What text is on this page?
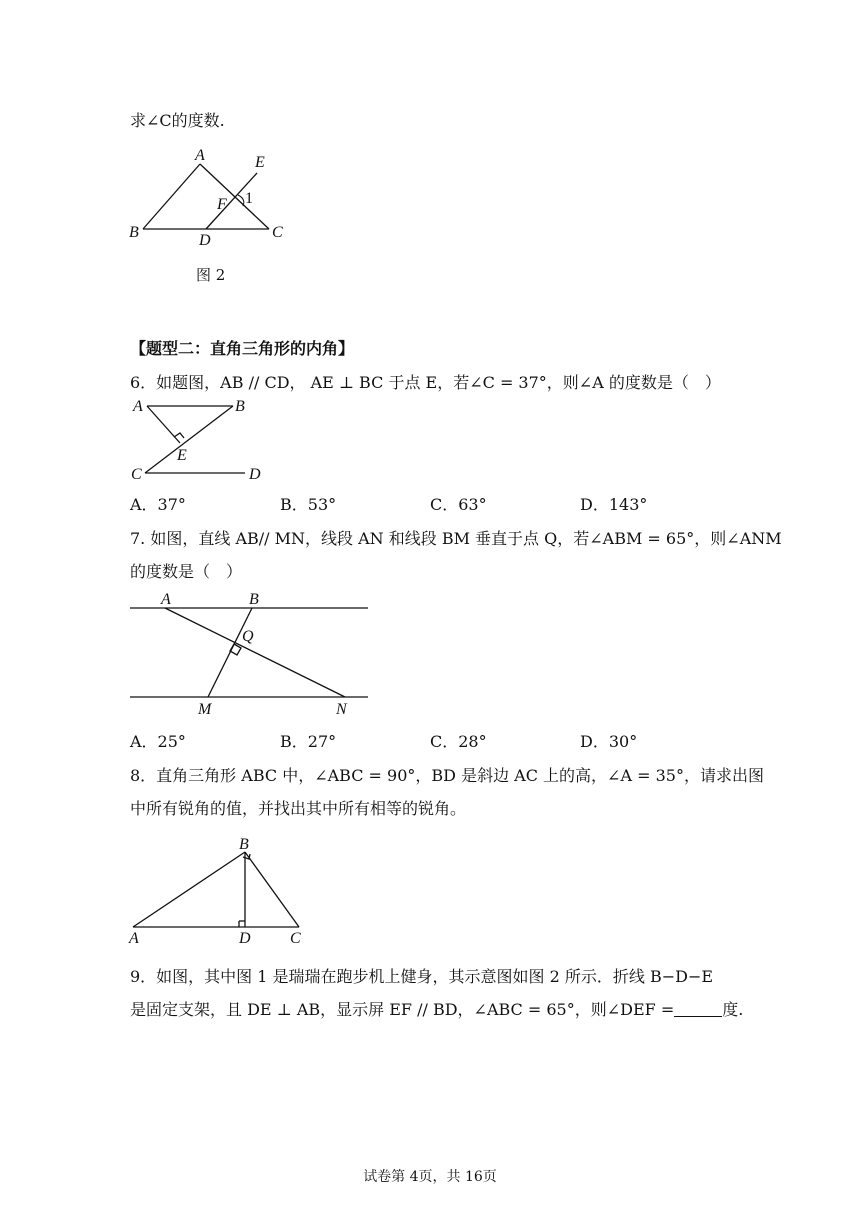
求∠C的度数.
A
B	C
D
E
F 1
图 2
【题型二：直角三角形的内角】
6．如题图，AB // CD， AE ⊥ BC 于点 E，若∠C = 37°，则∠A 的度数是（　）
A	B
C	D
E
A．37°	B．53°	C．63°	D．143°
7. 如图，直线 AB// MN，线段 AN 和线段 BM 垂直于点 Q，若∠ABM = 65°，则∠ANM
的度数是（　）
A	B
M	N
Q
A．25°	B．27°	C．28°	D．30°
8．直角三角形 ABC 中，∠ABC = 90°，BD 是斜边 AC 上的高，∠A = 35°，请求出图
中所有锐角的值，并找出其中所有相等的锐角。
B
A	D C
9．如图，其中图 1 是瑞瑞在跑步机上健身，其示意图如图 2 所示．折线 B−D−E
是固定支架，且 DE ⊥ AB，显示屏 EF // BD，∠ABC = 65°，则∠DEF =	度.
试卷第 4页，共 16页
